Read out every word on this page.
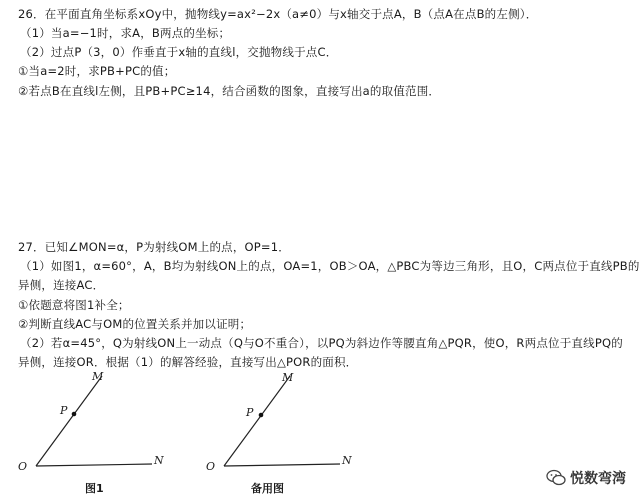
26．在平面直角坐标系xOy中，抛物线y=ax²−2x（a≠0）与x轴交于点A，B（点A在点B的左侧）．
（1）当a=−1时，求A，B两点的坐标；
（2）过点P（3，0）作垂直于x轴的直线l，交抛物线于点C．
①当a=2时，求PB+PC的值；
②若点B在直线l左侧，且PB+PC≥14，结合函数的图象，直接写出a的取值范围．
27．已知∠MON=α，P为射线OM上的点，OP=1．
（1）如图1，α=60°，A，B均为射线ON上的点，OA=1，OB＞OA，△PBC为等边三角形，且O，C两点位于直线PB的
异侧，连接AC．
①依题意将图1补全；
②判断直线AC与OM的位置关系并加以证明；
（2）若α=45°，Q为射线ON上一动点（Q与O不重合），以PQ为斜边作等腰直角△PQR，使O，R两点位于直线PQ的
异侧，连接OR．根据（1）的解答经验，直接写出△POR的面积．
M
P
O	N
图1
M
P
O	N
备用图
悦数弯湾
